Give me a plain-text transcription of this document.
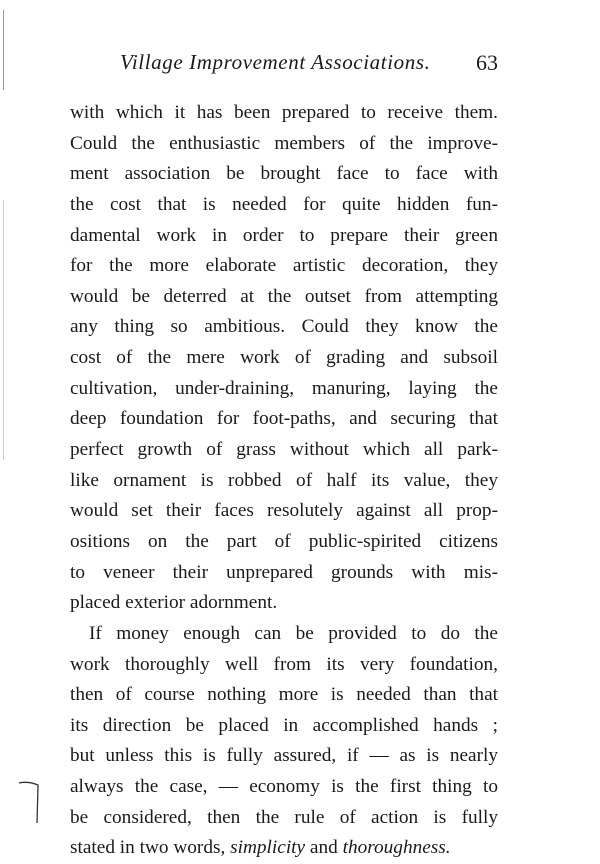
Village Improvement Associations. 63
with which it has been prepared to receive them.
Could the enthusiastic members of the improve-
ment association be brought face to face with
the cost that is needed for quite hidden fun-
damental work in order to prepare their green
for the more elaborate artistic decoration, they
would be deterred at the outset from attempting
any thing so ambitious. Could they know the
cost of the mere work of grading and subsoil
cultivation, under-draining, manuring, laying the
deep foundation for foot-paths, and securing that
perfect growth of grass without which all park-
like ornament is robbed of half its value, they
would set their faces resolutely against all prop-
ositions on the part of public-spirited citizens
to veneer their unprepared grounds with mis-
placed exterior adornment.
If money enough can be provided to do the
work thoroughly well from its very foundation,
then of course nothing more is needed than that
its direction be placed in accomplished hands ;
but unless this is fully assured, if — as is nearly
always the case, — economy is the first thing to
be considered, then the rule of action is fully
stated in two words, simplicity and thoroughness.
